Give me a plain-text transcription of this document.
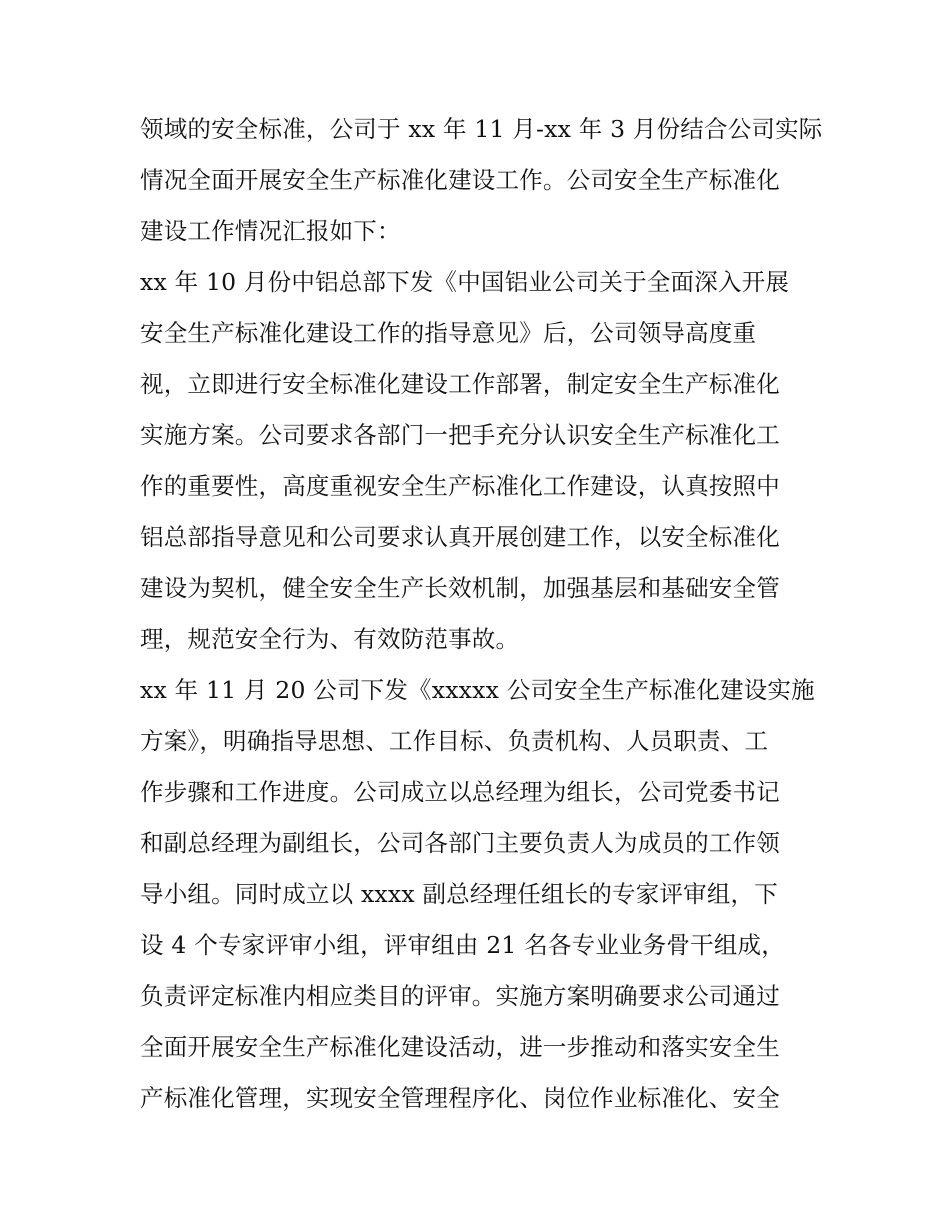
领域的安全标准，公司于 xx 年 11 月-xx 年 3 月份结合公司实际
情况全面开展安全生产标准化建设工作。公司安全生产标准化
建设工作情况汇报如下：
xx 年 10 月份中铝总部下发《中国铝业公司关于全面深入开展
安全生产标准化建设工作的指导意见》后，公司领导高度重
视，立即进行安全标准化建设工作部署，制定安全生产标准化
实施方案。公司要求各部门一把手充分认识安全生产标准化工
作的重要性，高度重视安全生产标准化工作建设，认真按照中
铝总部指导意见和公司要求认真开展创建工作，以安全标准化
建设为契机，健全安全生产长效机制，加强基层和基础安全管
理，规范安全行为、有效防范事故。
xx 年 11 月 20 公司下发《xxxxx 公司安全生产标准化建设实施
方案》，明确指导思想、工作目标、负责机构、人员职责、工
作步骤和工作进度。公司成立以总经理为组长，公司党委书记
和副总经理为副组长，公司各部门主要负责人为成员的工作领
导小组。同时成立以 xxxx 副总经理任组长的专家评审组，下
设 4 个专家评审小组，评审组由 21 名各专业业务骨干组成，
负责评定标准内相应类目的评审。实施方案明确要求公司通过
全面开展安全生产标准化建设活动，进一步推动和落实安全生
产标准化管理，实现安全管理程序化、岗位作业标准化、安全
